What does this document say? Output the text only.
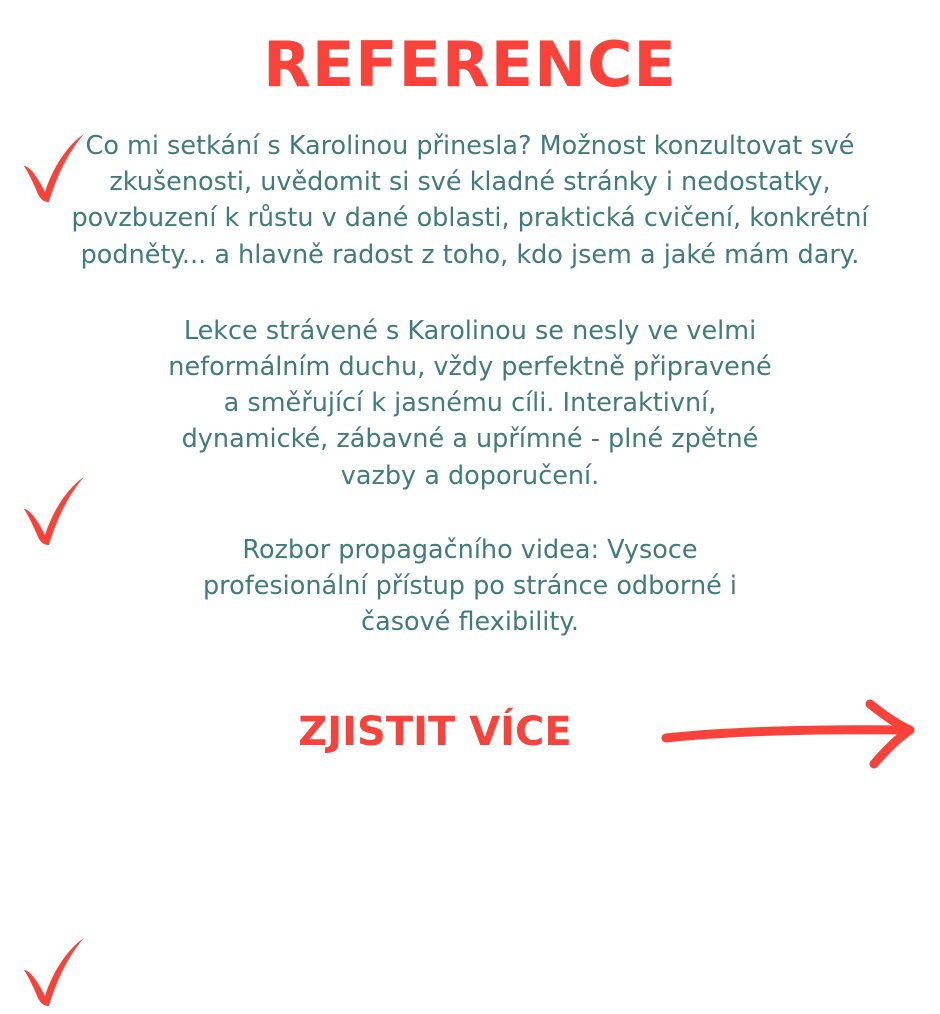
REFERENCE
Co mi setkání s Karolinou přinesla? Možnost konzultovat své zkušenosti, uvědomit si své kladné stránky i nedostatky, povzbuzení k růstu v dané oblasti, praktická cvičení, konkrétní podněty... a hlavně radost z toho, kdo jsem a jaké mám dary.
Lekce strávené s Karolinou se nesly ve velmi neformálním duchu, vždy perfektně připravené a směřující k jasnému cíli. Interaktivní, dynamické, zábavné a upřímné - plné zpětné vazby a doporučení.
Rozbor propagačního videa: Vysoce profesionální přístup po stránce odborné i časové flexibility.
ZJISTIT VÍCE
